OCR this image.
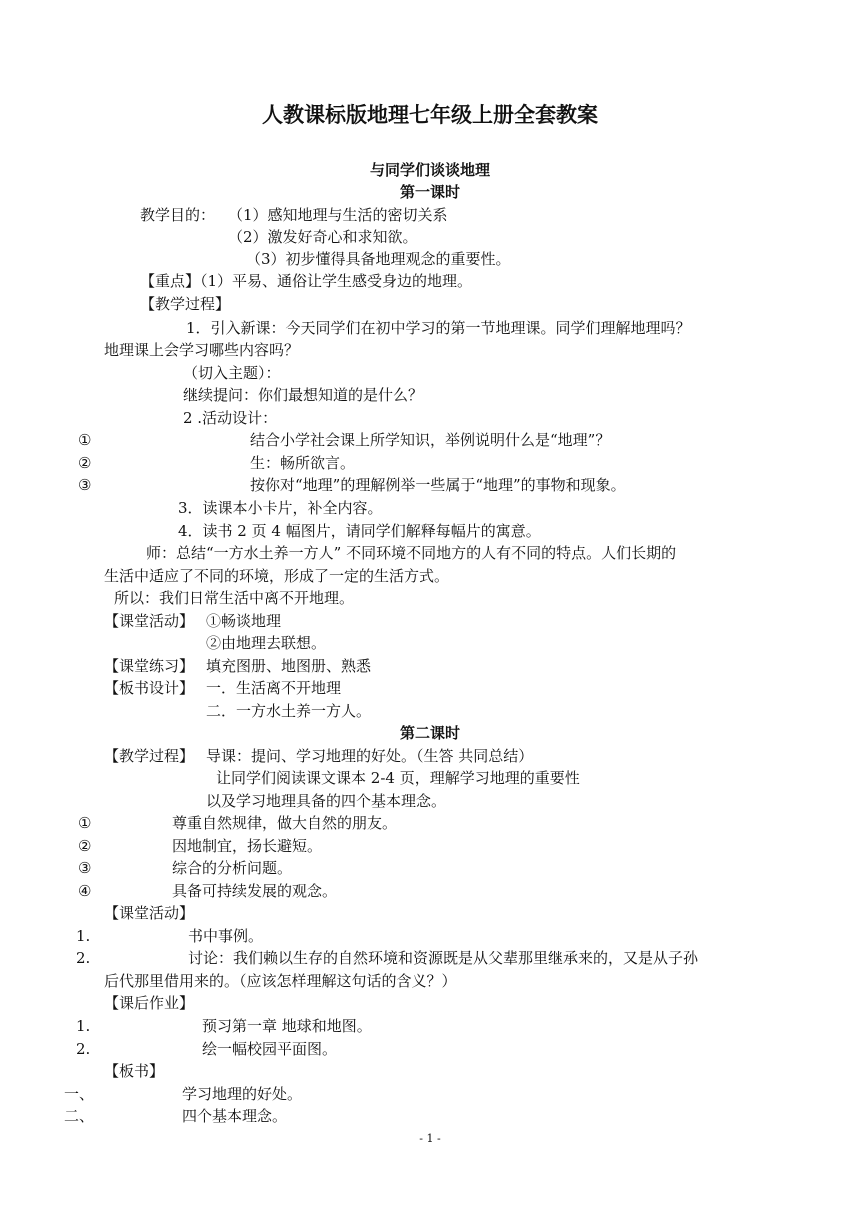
人教课标版地理七年级上册全套教案
与同学们谈谈地理
第一课时
教学目的： （1）感知地理与生活的密切关系
（2）激发好奇心和求知欲。
（3）初步懂得具备地理观念的重要性。
【重点】（1）平易、通俗让学生感受身边的地理。
【教学过程】
1．引入新课：今天同学们在初中学习的第一节地理课。同学们理解地理吗？
地理课上会学习哪些内容吗？
（切入主题）：
继续提问：你们最想知道的是什么？
2 .活动设计：
①	结合小学社会课上所学知识，举例说明什么是“地理”？
②	生：畅所欲言。
③	按你对“地理”的理解例举一些属于“地理”的事物和现象。
3．读课本小卡片，补全内容。
4．读书 2 页 4 幅图片，请同学们解释每幅片的寓意。
师：总结“一方水土养一方人” 不同环境不同地方的人有不同的特点。人们长期的
生活中适应了不同的环境，形成了一定的生活方式。
所以：我们日常生活中离不开地理。
【课堂活动】 ①畅谈地理
②由地理去联想。
【课堂练习】 填充图册、地图册、熟悉
【板书设计】 一．生活离不开地理
二．一方水土养一方人。
第二课时
【教学过程】 导课：提问、学习地理的好处。（生答 共同总结）
让同学们阅读课文课本 2-4 页，理解学习地理的重要性
以及学习地理具备的四个基本理念。
①	尊重自然规律，做大自然的朋友。
②	因地制宜，扬长避短。
③	综合的分析问题。
④	具备可持续发展的观念。
【课堂活动】
1.	书中事例。
2.	讨论：我们赖以生存的自然环境和资源既是从父辈那里继承来的，又是从子孙
后代那里借用来的。（应该怎样理解这句话的含义？）
【课后作业】
1.	预习第一章 地球和地图。
2.	绘一幅校园平面图。
【板书】
一、	学习地理的好处。
二、	四个基本理念。
- 1 -
